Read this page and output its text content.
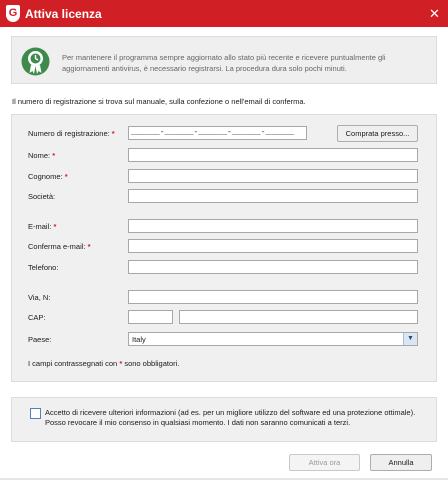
G Attiva licenza	✕
Per mantenere il programma sempre aggiornato allo stato più recente e ricevere puntualmente gli aggiornamenti antivirus, è necessario registrarsi. La procedura dura solo pochi minuti.
Il numero di registrazione si trova sul manuale, sulla confezione o nell'email di conferma.
Numero di registrazione: *	______-______-______-______-______	Comprata presso...
Nome: *
Cognome: *
Società:
E-mail: *
Conferma e-mail: *
Telefono:
Via, N:
CAP:
Paese:	Italy	▼
I campi contrassegnati con * sono obbligatori.
Accetto di ricevere ulteriori informazioni (ad es. per un migliore utilizzo del software ed una protezione ottimale). Posso revocare il mio consenso in qualsiasi momento. I dati non saranno comunicati a terzi.
Attiva ora	Annulla
